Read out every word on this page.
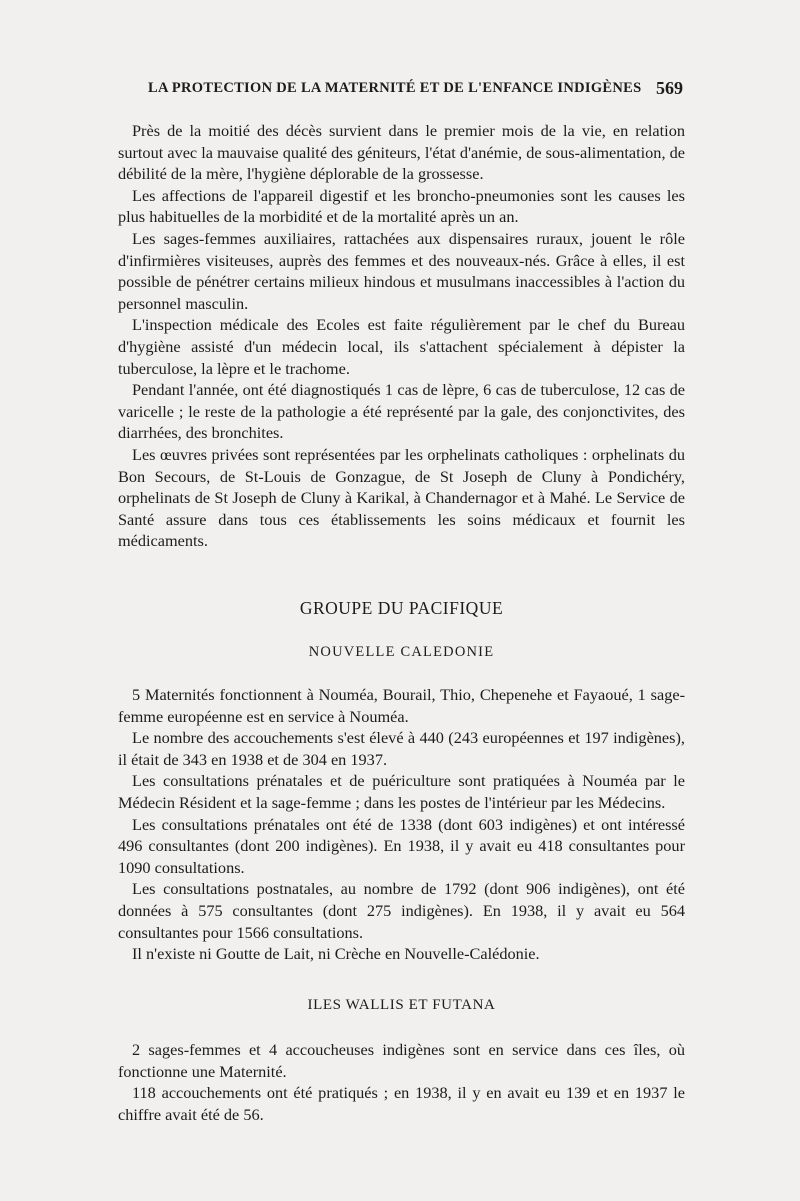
LA PROTECTION DE LA MATERNITÉ ET DE L'ENFANCE INDIGÈNES 569

Près de la moitié des décès survient dans le premier mois de la vie, en relation surtout avec la mauvaise qualité des géniteurs, l'état d'anémie, de sous-alimentation, de débilité de la mère, l'hygiène déplorable de la grossesse.

Les affections de l'appareil digestif et les broncho-pneumonies sont les causes les plus habituelles de la morbidité et de la mortalité après un an.

Les sages-femmes auxiliaires, rattachées aux dispensaires ruraux, jouent le rôle d'infirmières visiteuses, auprès des femmes et des nouveaux-nés. Grâce à elles, il est possible de pénétrer certains milieux hindous et musulmans inaccessibles à l'action du personnel masculin.

L'inspection médicale des Ecoles est faite régulièrement par le chef du Bureau d'hygiène assisté d'un médecin local, ils s'attachent spécialement à dépister la tuberculose, la lèpre et le trachome.

Pendant l'année, ont été diagnostiqués 1 cas de lèpre, 6 cas de tuberculose, 12 cas de varicelle ; le reste de la pathologie a été représenté par la gale, des conjonctivites, des diarrhées, des bronchites.

Les œuvres privées sont représentées par les orphelinats catholiques : orphelinats du Bon Secours, de St-Louis de Gonzague, de St Joseph de Cluny à Pondichéry, orphelinats de St Joseph de Cluny à Karikal, à Chandernagor et à Mahé. Le Service de Santé assure dans tous ces établissements les soins médicaux et fournit les médicaments.

GROUPE DU PACIFIQUE
NOUVELLE CALEDONIE

5 Maternités fonctionnent à Nouméa, Bourail, Thio, Chepenehe et Fayaoué, 1 sage-femme européenne est en service à Nouméa.

Le nombre des accouchements s'est élevé à 440 (243 européennes et 197 indigènes), il était de 343 en 1938 et de 304 en 1937.

Les consultations prénatales et de puériculture sont pratiquées à Nouméa par le Médecin Résident et la sage-femme ; dans les postes de l'intérieur par les Médecins.

Les consultations prénatales ont été de 1338 (dont 603 indigènes) et ont intéressé 496 consultantes (dont 200 indigènes). En 1938, il y avait eu 418 consultantes pour 1090 consultations.

Les consultations postnatales, au nombre de 1792 (dont 906 indigènes), ont été données à 575 consultantes (dont 275 indigènes). En 1938, il y avait eu 564 consultantes pour 1566 consultations.

Il n'existe ni Goutte de Lait, ni Crèche en Nouvelle-Calédonie.

ILES WALLIS ET FUTANA

2 sages-femmes et 4 accoucheuses indigènes sont en service dans ces îles, où fonctionne une Maternité.

118 accouchements ont été pratiqués ; en 1938, il y en avait eu 139 et en 1937 le chiffre avait été de 56.
